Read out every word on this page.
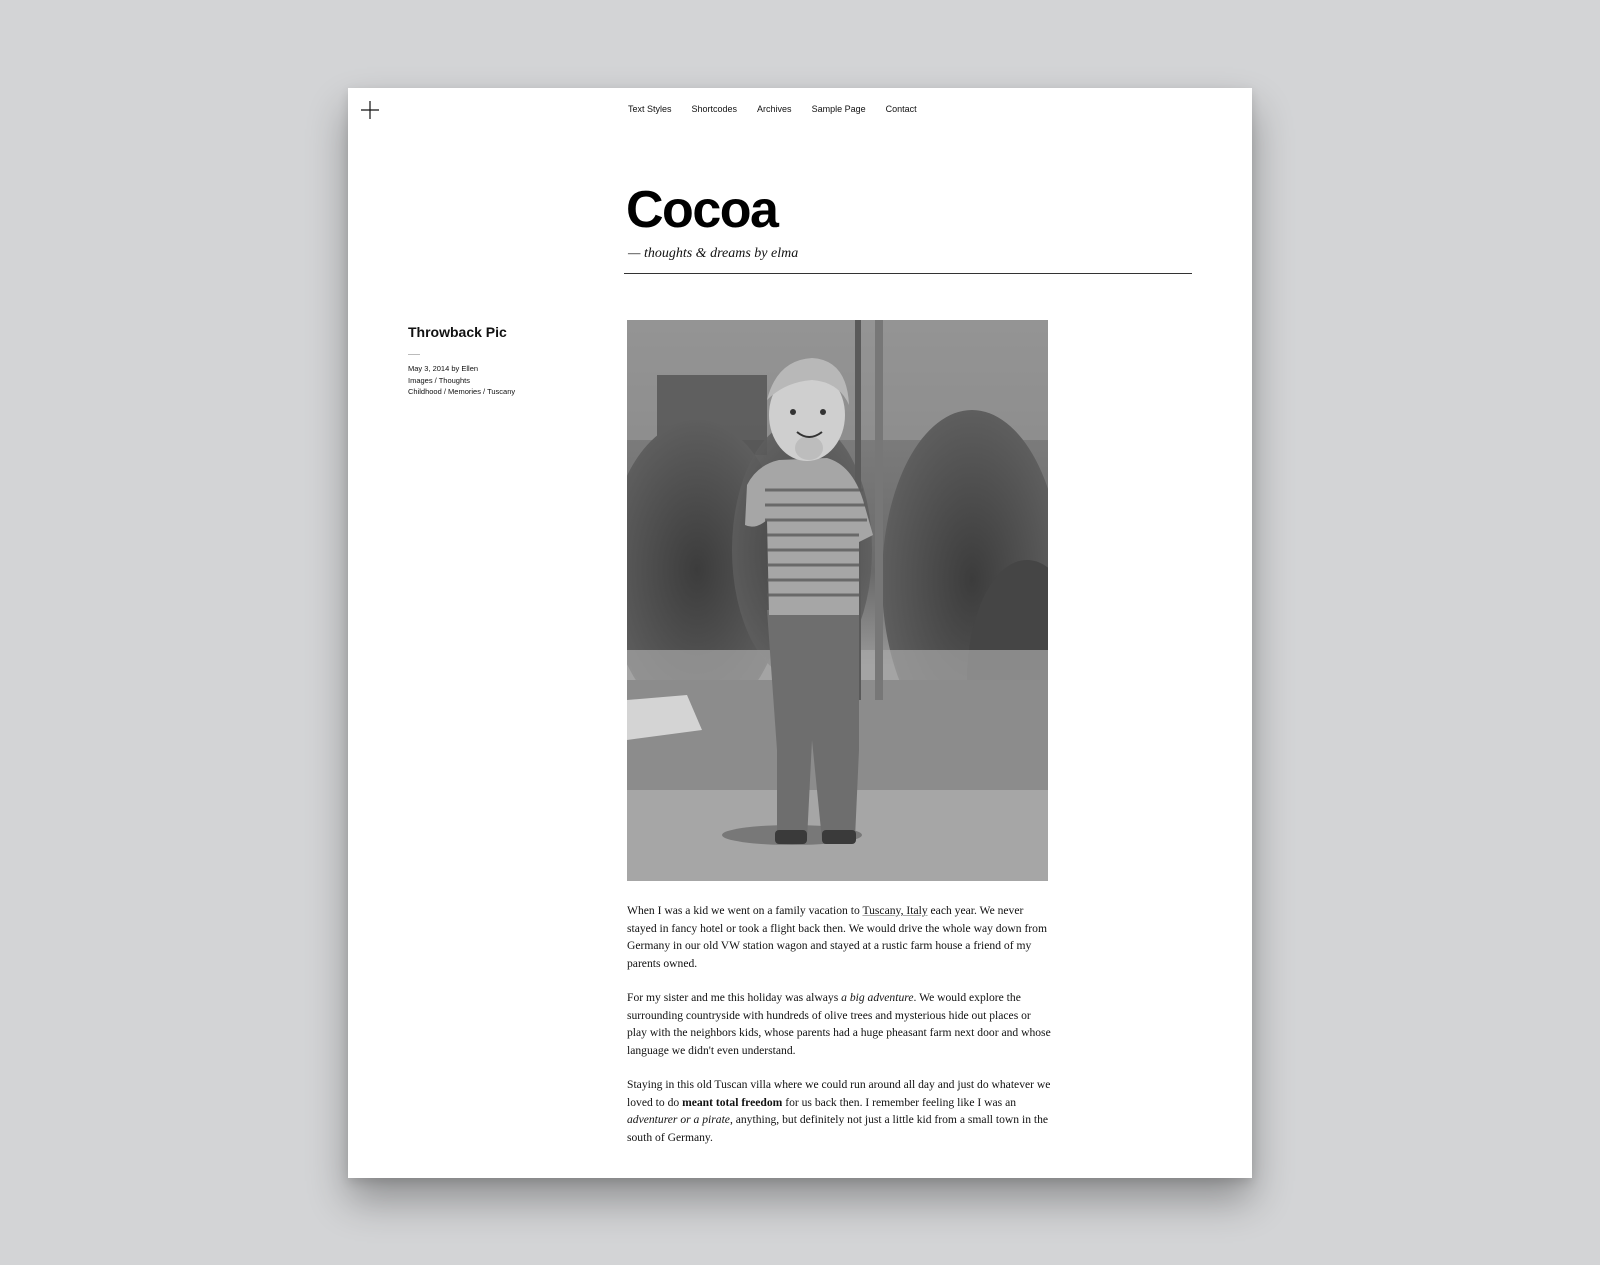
Text Styles Shortcodes Archives Sample Page Contact
Cocoa

— thoughts & dreams by elma

Throwback Pic
May 3, 2014 by Ellen
Images / Thoughts
Childhood / Memories / Tuscany

When I was a kid we went on a family vacation to Tuscany, Italy each year. We never stayed in fancy hotel or took a flight back then. We would drive the whole way down from Germany in our old VW station wagon and stayed at a rustic farm house a friend of my parents owned.

For my sister and me this holiday was always a big adventure. We would explore the surrounding countryside with hundreds of olive trees and mysterious hide out places or play with the neighbors kids, whose parents had a huge pheasant farm next door and whose language we didn't even understand.

Staying in this old Tuscan villa where we could run around all day and just do whatever we loved to do meant total freedom for us back then. I remember feeling like I was an adventurer or a pirate, anything, but definitely not just a little kid from a small town in the south of Germany.
